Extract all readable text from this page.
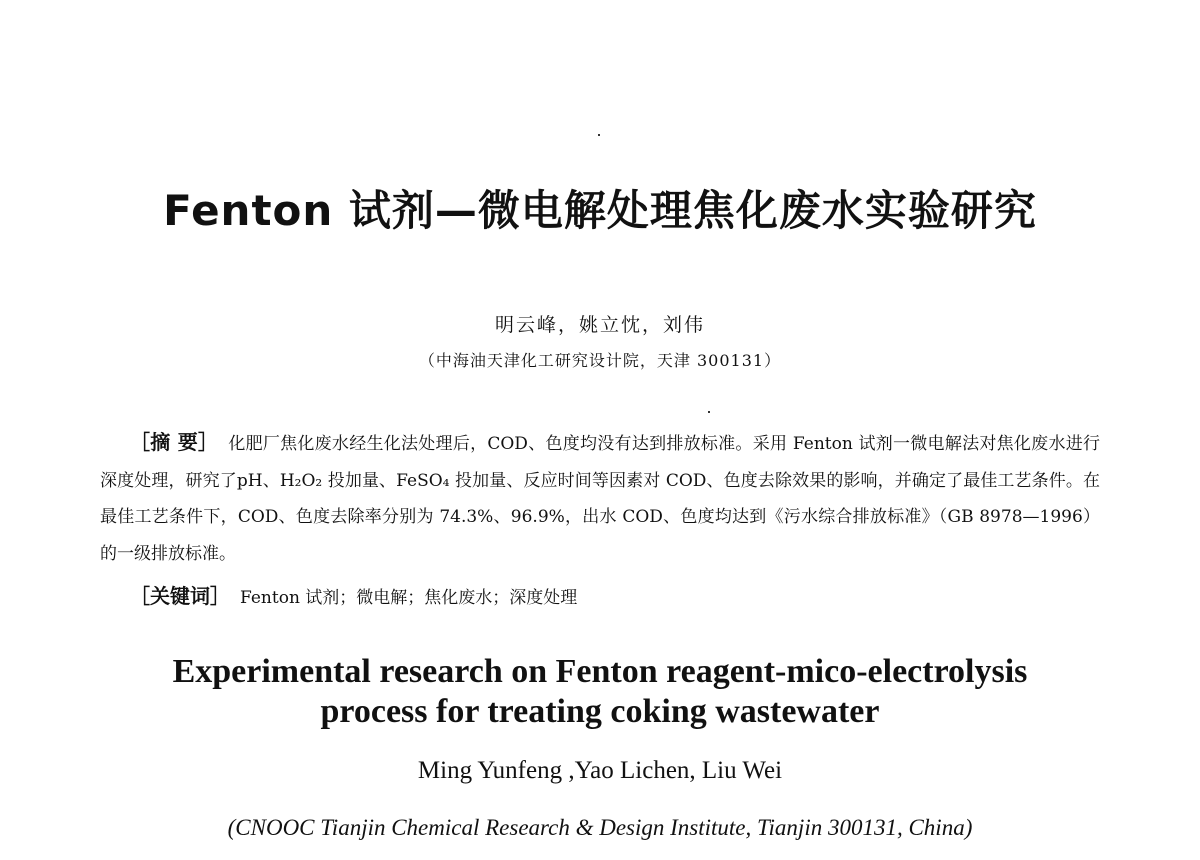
Fenton 试剂—微电解处理焦化废水实验研究
明云峰，姚立忱，刘伟
（中海油天津化工研究设计院，天津 300131）

［摘 要］ 化肥厂焦化废水经生化法处理后，COD、色度均没有达到排放标准。采用 Fenton 试剂一微电解法对焦化废水进行深度处理，研究了pH、H₂O₂ 投加量、FeSO₄ 投加量、反应时间等因素对 COD、色度去除效果的影响，并确定了最佳工艺条件。在最佳工艺条件下，COD、色度去除率分别为 74.3%、96.9%，出水 COD、色度均达到《污水综合排放标准》（GB 8978—1996）的一级排放标准。

［关键词］ Fenton 试剂；微电解；焦化废水；深度处理
Experimental research on Fenton reagent-mico-electrolysis
process for treating coking wastewater
Ming Yunfeng ,Yao Lichen, Liu Wei
(CNOOC Tianjin Chemical Research & Design Institute, Tianjin 300131, China)
